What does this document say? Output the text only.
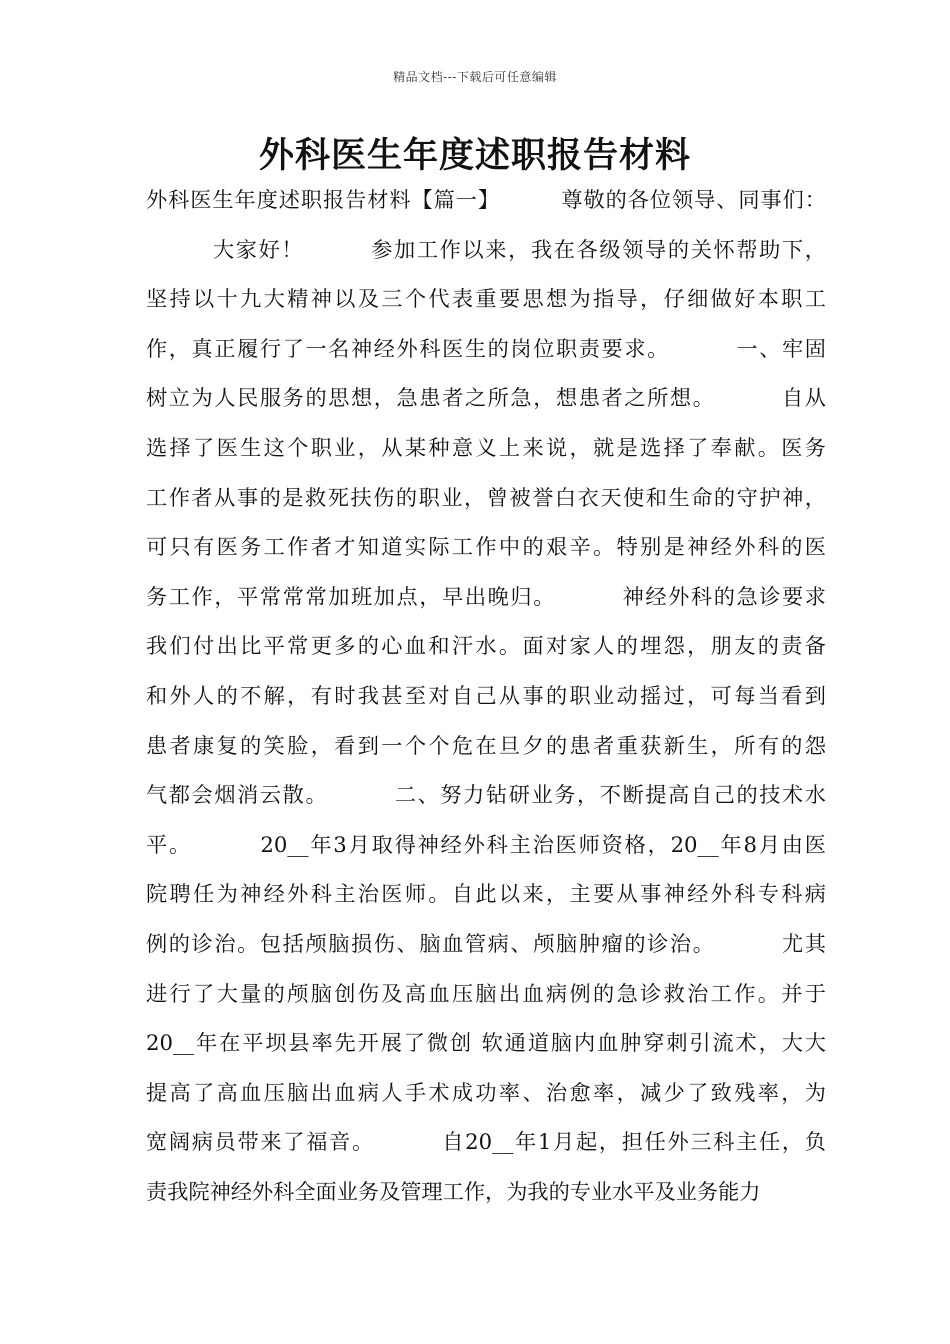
精品文档---下载后可任意编辑
外科医生年度述职报告材料
外科医生年度述职报告材料【篇一】        尊敬的各位领导、同事们：
大家好！        参加工作以来，我在各级领导的关怀帮助下，
坚持以十九大精神以及三个代表重要思想为指导，仔细做好本职工
作，真正履行了一名神经外科医生的岗位职责要求。        一、牢固
树立为人民服务的思想，急患者之所急，想患者之所想。        自从
选择了医生这个职业，从某种意义上来说，就是选择了奉献。医务
工作者从事的是救死扶伤的职业，曾被誉白衣天使和生命的守护神，
可只有医务工作者才知道实际工作中的艰辛。特别是神经外科的医
务工作，平常常常加班加点，早出晚归。        神经外科的急诊要求
我们付出比平常更多的心血和汗水。面对家人的埋怨，朋友的责备
和外人的不解，有时我甚至对自己从事的职业动摇过，可每当看到
患者康复的笑脸，看到一个个危在旦夕的患者重获新生，所有的怨
气都会烟消云散。        二、努力钻研业务，不断提高自己的技术水
平。        20__年3月取得神经外科主治医师资格，20__年8月由医
院聘任为神经外科主治医师。自此以来，主要从事神经外科专科病
例的诊治。包括颅脑损伤、脑血管病、颅脑肿瘤的诊治。        尤其
进行了大量的颅脑创伤及高血压脑出血病例的急诊救治工作。并于
20__年在平坝县率先开展了微创 软通道脑内血肿穿刺引流术，大大
提高了高血压脑出血病人手术成功率、治愈率，减少了致残率，为
宽阔病员带来了福音。        自20__年1月起，担任外三科主任，负
责我院神经外科全面业务及管理工作，为我的专业水平及业务能力
